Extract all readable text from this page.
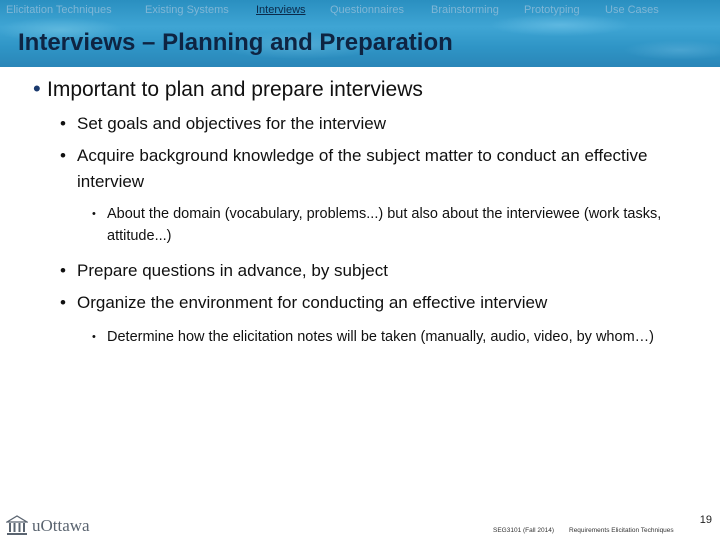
Elicitation Techniques	Existing Systems Interviews Questionnaires Brainstorming Prototyping Use Cases
Interviews – Planning and Preparation
• Important to plan and prepare interviews
• Set goals and objectives for the interview
• Acquire background knowledge of the subject matter to conduct an effective interview
• About the domain (vocabulary, problems...) but also about the interviewee (work tasks, attitude...)
• Prepare questions in advance, by subject
• Organize the environment for conducting an effective interview
• Determine how the elicitation notes will be taken (manually, audio, video, by whom…)
uOttawa	SEG3101 (Fall 2014) Requirements Elicitation Techniques
19
